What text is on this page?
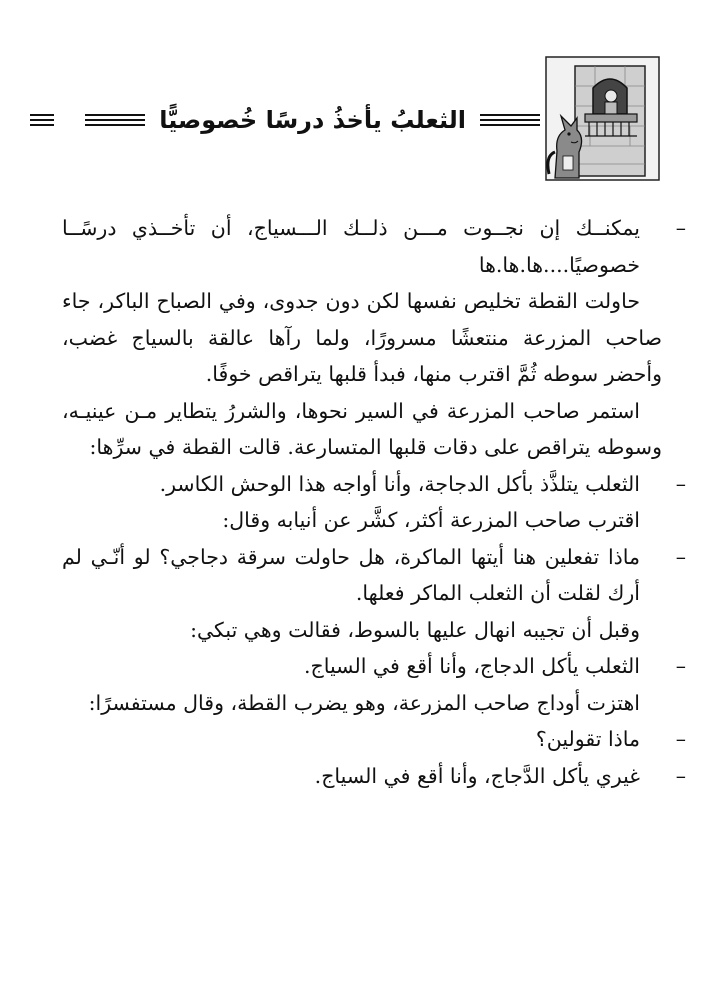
الثعلبُ يأخذُ درسًا خُصوصيًّا

–
يمكنــك إن نجــوت مـــن ذلــك الـــسياج، أن تأخــذي درسًــا خصوصيًا....ها.ها.ها

حاولت القطة تخليص نفسها لكن دون جدوى، وفي الصباح الباكر، جاء صاحب المزرعة منتعشًا مسرورًا، ولما رآها عالقة بالسياج غضب، وأحضر سوطه ثُمَّ اقترب منها، فبدأ قلبها يتراقص خوفًا.

استمر صاحب المزرعة في السير نحوها، والشررُ يتطاير مـن عينيـه، وسوطه يتراقص على دقات قلبها المتسارعة. قالت القطة في سرِّها:

–
الثعلب يتلذَّذ بأكل الدجاجة، وأنا أواجه هذا الوحش الكاسر.

اقترب صاحب المزرعة أكثر، كشَّر عن أنيابه وقال:

–
ماذا تفعلين هنا أيتها الماكرة، هل حاولت سرقة دجاجي؟ لو أنّـي لم أرك لقلت أن الثعلب الماكر فعلها.

وقبل أن تجيبه انهال عليها بالسوط، فقالت وهي تبكي:

–
الثعلب يأكل الدجاج، وأنا أقع في السياج.

اهتزت أوداج صاحب المزرعة، وهو يضرب القطة، وقال مستفسرًا:

–
ماذا تقولين؟

–
غيري يأكل الدَّجاج، وأنا أقع في السياج.
